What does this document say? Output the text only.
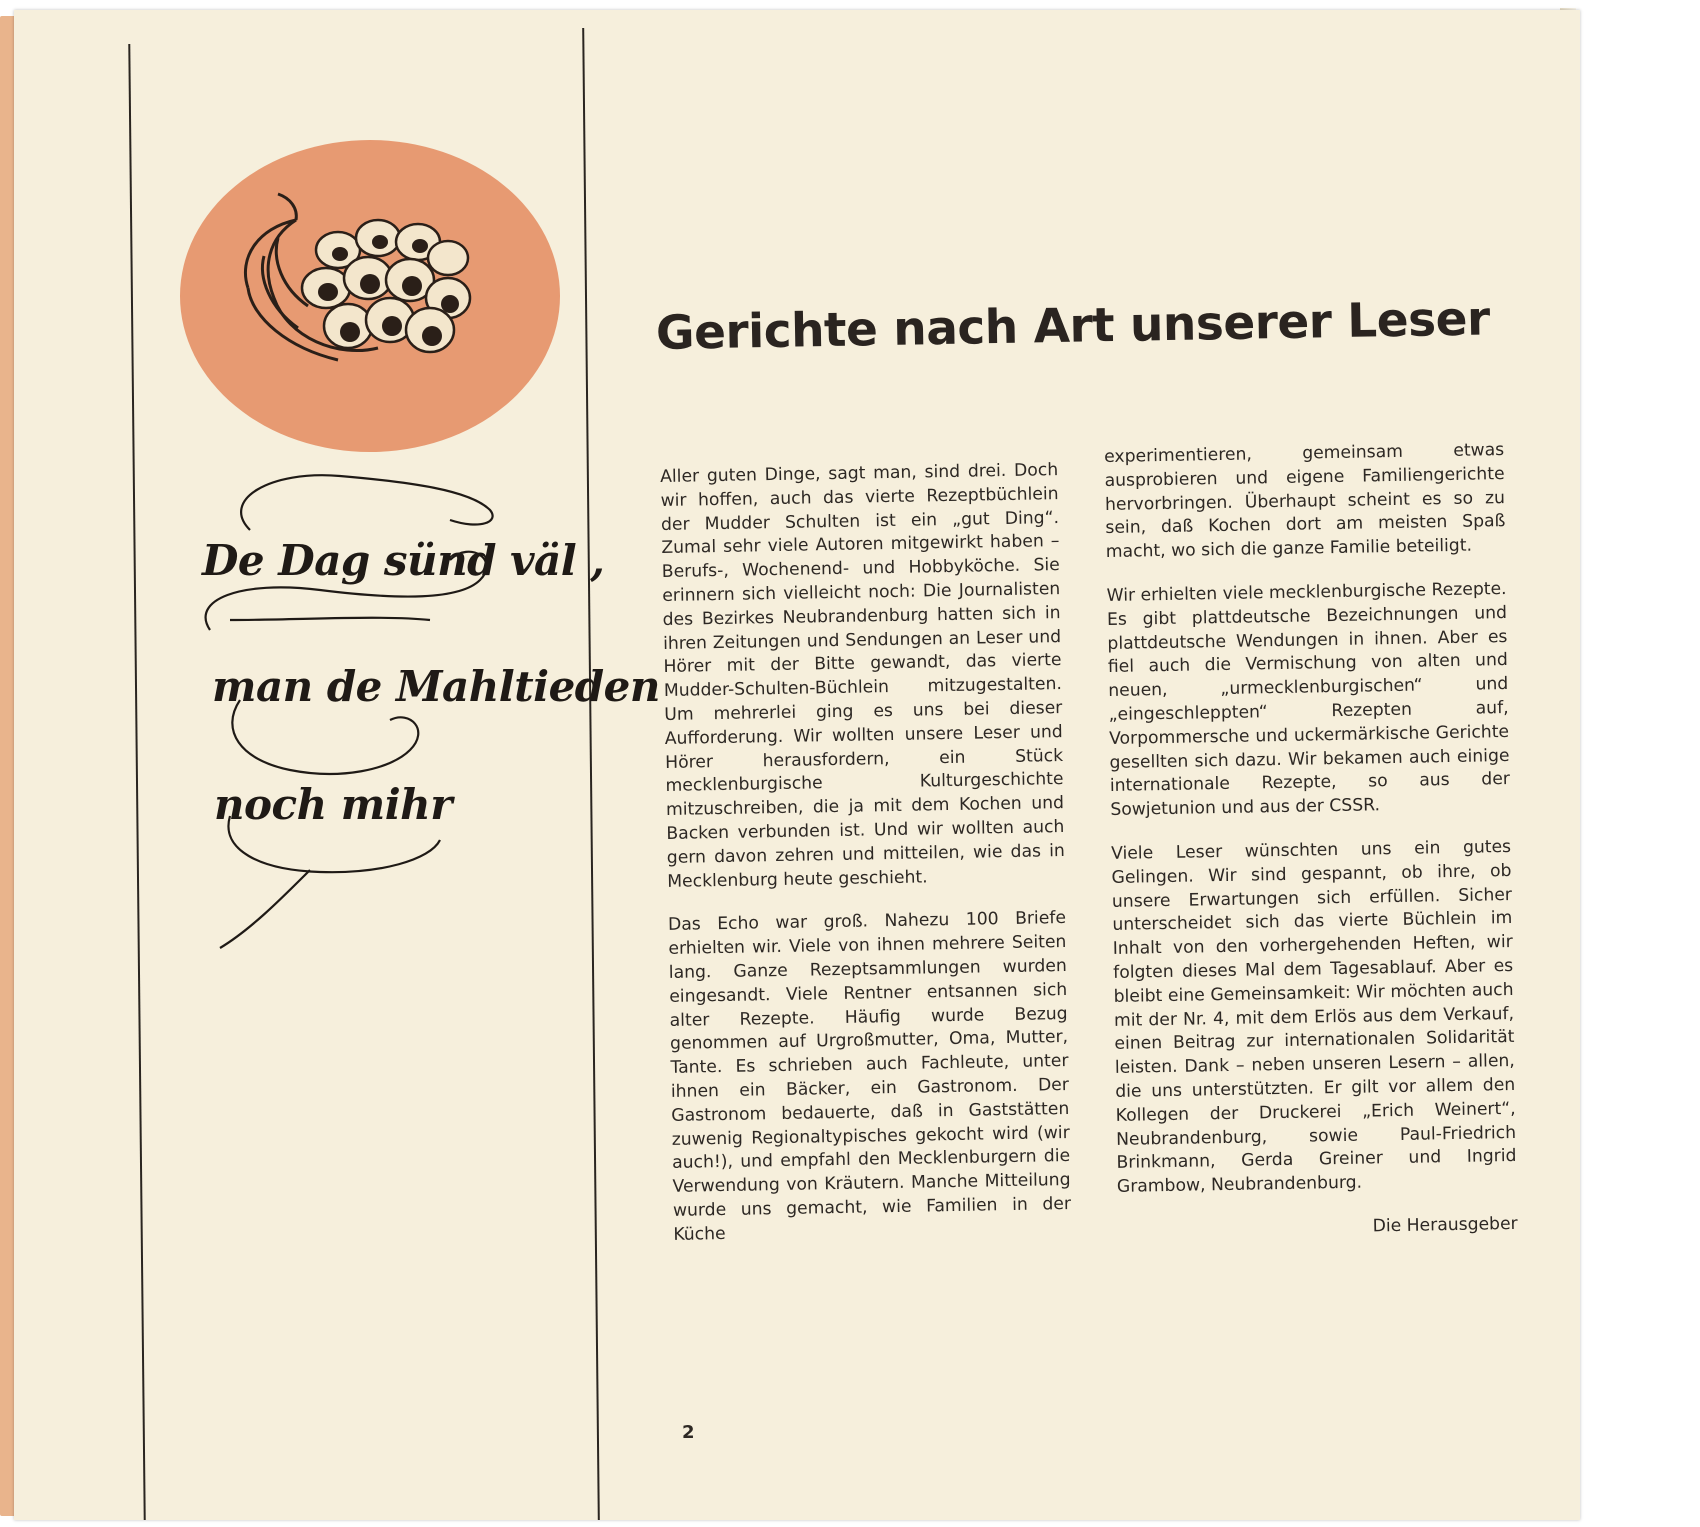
De Dag sünd väl ,
man de Mahltieden
noch mihr
Gerichte nach Art unserer Leser

Aller guten Dinge, sagt man, sind drei. Doch wir hoffen, auch das vierte Rezeptbüchlein der Mudder Schulten ist ein „gut Ding“. Zumal sehr viele Autoren mitgewirkt haben – Berufs-, Wochenend- und Hobbyköche. Sie erinnern sich vielleicht noch: Die Journalisten des Bezirkes Neubrandenburg hatten sich in ihren Zeitungen und Sendungen an Leser und Hörer mit der Bitte gewandt, das vierte Mudder-Schulten-Büchlein mitzugestalten. Um mehrerlei ging es uns bei dieser Aufforderung. Wir wollten unsere Leser und Hörer herausfordern, ein Stück mecklenburgische Kulturgeschichte mitzuschreiben, die ja mit dem Kochen und Backen verbunden ist. Und wir wollten auch gern davon zehren und mitteilen, wie das in Mecklenburg heute geschieht.

Das Echo war groß. Nahezu 100 Briefe erhielten wir. Viele von ihnen mehrere Seiten lang. Ganze Rezeptsammlungen wurden eingesandt. Viele Rentner entsannen sich alter Rezepte. Häufig wurde Bezug genommen auf Urgroßmutter, Oma, Mutter, Tante. Es schrieben auch Fachleute, unter ihnen ein Bäcker, ein Gastronom. Der Gastronom bedauerte, daß in Gaststätten zuwenig Regionaltypisches gekocht wird (wir auch!), und empfahl den Mecklenburgern die Verwendung von Kräutern. Manche Mitteilung wurde uns gemacht, wie Familien in der Küche

experimentieren, gemeinsam etwas ausprobieren und eigene Familiengerichte hervorbringen. Überhaupt scheint es so zu sein, daß Kochen dort am meisten Spaß macht, wo sich die ganze Familie beteiligt.

Wir erhielten viele mecklenburgische Rezepte. Es gibt plattdeutsche Bezeichnungen und plattdeutsche Wendungen in ihnen. Aber es fiel auch die Vermischung von alten und neuen, „urmecklenburgischen“ und „eingeschleppten“ Rezepten auf, Vorpommersche und uckermärkische Gerichte gesellten sich dazu. Wir bekamen auch einige internationale Rezepte, so aus der Sowjetunion und aus der CSSR.

Viele Leser wünschten uns ein gutes Gelingen. Wir sind gespannt, ob ihre, ob unsere Erwartungen sich erfüllen. Sicher unterscheidet sich das vierte Büchlein im Inhalt von den vorhergehenden Heften, wir folgten dieses Mal dem Tagesablauf. Aber es bleibt eine Gemeinsamkeit: Wir möchten auch mit der Nr. 4, mit dem Erlös aus dem Verkauf, einen Beitrag zur internationalen Solidarität leisten. Dank – neben unseren Lesern – allen, die uns unterstützten. Er gilt vor allem den Kollegen der Druckerei „Erich Weinert“, Neubrandenburg, sowie Paul-Friedrich Brinkmann, Gerda Greiner und Ingrid Grambow, Neubrandenburg.

Die Herausgeber
2
